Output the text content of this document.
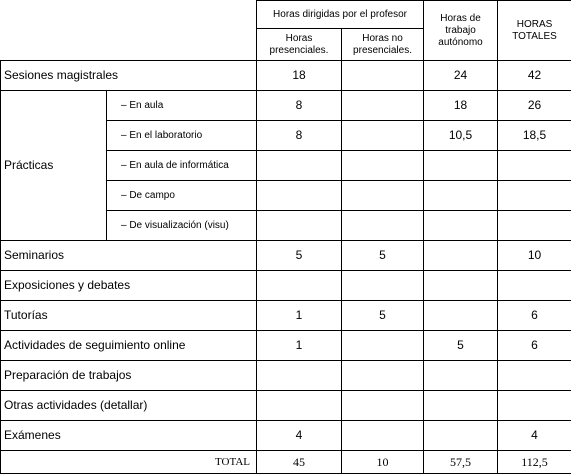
		Horas dirigidas por el profesor		Horas de trabajo autónomo	HORAS TOTALES
		Horas presenciales.	Horas no presenciales.		
Sesiones magistrales		18		24	42
Prácticas	– En aula	8		18	26
	– En el laboratorio	8		10,5	18,5
	– En aula de informática				
	– De campo				
	– De visualización (visu)				
Seminarios		5	5		10
Exposiciones y debates					
Tutorías		1	5		6
Actividades de seguimiento online		1		5	6
Preparación de trabajos					
Otras actividades (detallar)					
Exámenes		4			4
TOTAL		45	10	57,5	112,5
